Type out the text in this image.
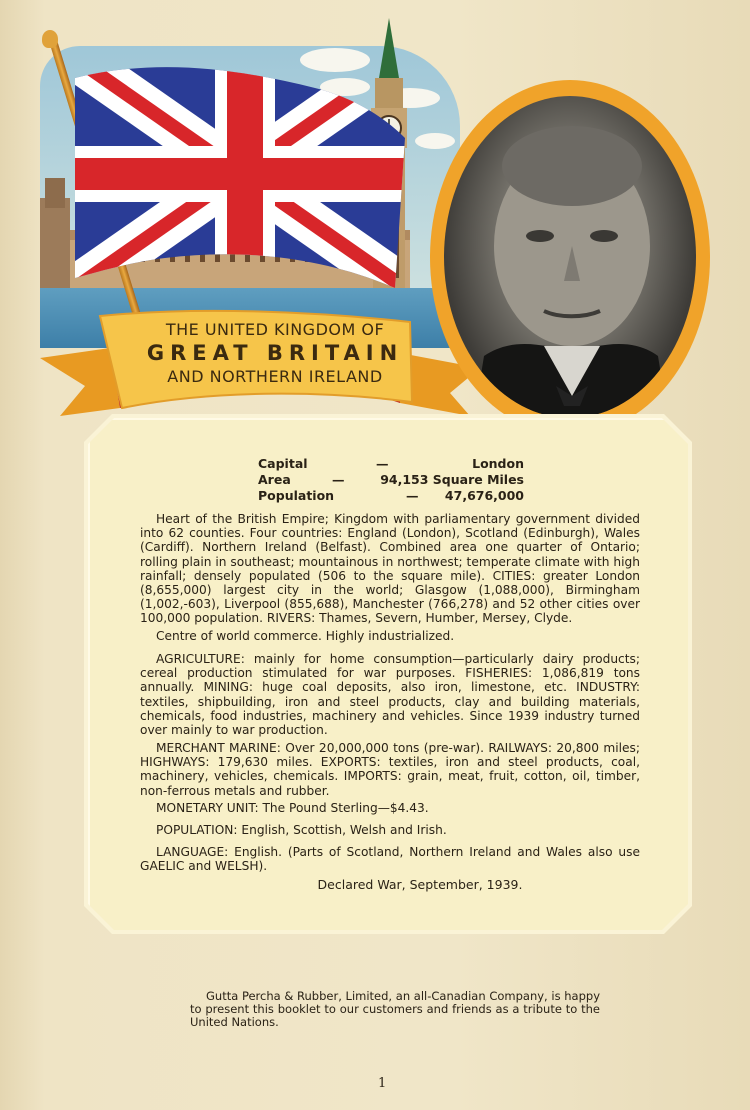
THE UNITED KINGDOM OF
GREAT BRITAIN
AND NORTHERN IRELAND
Capital	—	London
Area	—	94,153 Square Miles
Population	— 47,676,000

Heart of the British Empire; Kingdom with parliamentary government divided into 62 counties. Four countries: England (London), Scotland (Edinburgh), Wales (Cardiff). Northern Ireland (Belfast). Combined area one quarter of Ontario; rolling plain in southeast; mountainous in northwest; temperate climate with high rainfall; densely populated (506 to the square mile). CITIES: greater London (8,655,000) largest city in the world; Glasgow (1,088,000), Birmingham (1,002,-603), Liverpool (855,688), Manchester (766,278) and 52 other cities over 100,000 population. RIVERS: Thames, Severn, Humber, Mersey, Clyde.

Centre of world commerce. Highly industrialized.

AGRICULTURE: mainly for home consumption—particularly dairy products; cereal production stimulated for war purposes. FISHERIES: 1,086,819 tons annually. MINING: huge coal deposits, also iron, limestone, etc. INDUSTRY: textiles, shipbuilding, iron and steel products, clay and building materials, chemicals, food industries, machinery and vehicles. Since 1939 industry turned over mainly to war production.

MERCHANT MARINE: Over 20,000,000 tons (pre-war). RAILWAYS: 20,800 miles; HIGHWAYS: 179,630 miles. EXPORTS: textiles, iron and steel products, coal, machinery, vehicles, chemicals. IMPORTS: grain, meat, fruit, cotton, oil, timber, non-ferrous metals and rubber.

MONETARY UNIT: The Pound Sterling—$4.43.

POPULATION: English, Scottish, Welsh and Irish.

LANGUAGE: English. (Parts of Scotland, Northern Ireland and Wales also use GAELIC and WELSH).

Declared War, September, 1939.

Gutta Percha & Rubber, Limited, an all-Canadian Company, is happy to present this booklet to our customers and friends as a tribute to the United Nations.

1
